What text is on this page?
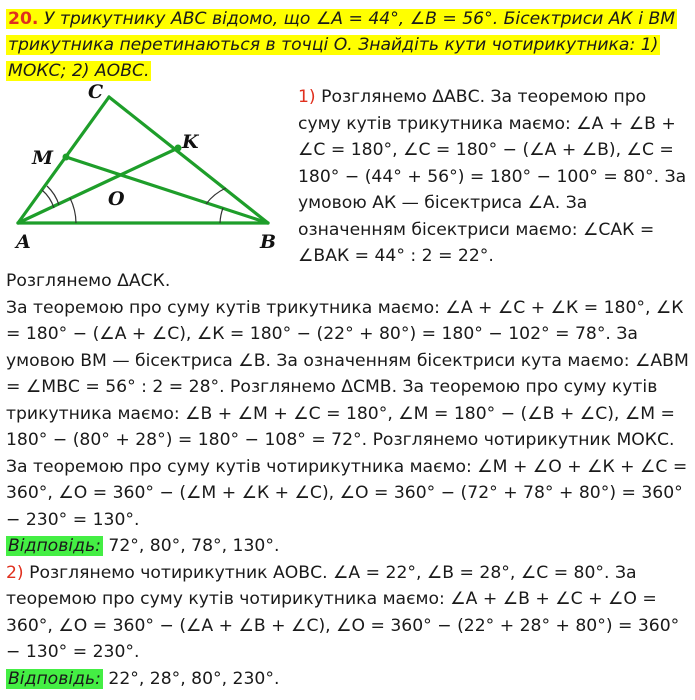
20. У трикутнику АВС відомо, що ∠А = 44°, ∠В = 56°. Бісектриси АК і ВМ трикутника перетинаються в точці О. Знайдіть кути чотирикутника: 1) МОКС; 2) АОВС.
C
M
K
O
A	B
1) Розглянемо ΔАВС. За теоремою про суму кутів трикутника маємо: ∠А + ∠В + ∠С = 180°, ∠С = 180° − (∠А + ∠В), ∠С = 180° − (44° + 56°) = 180° − 100° = 80°. За умовою АК — бісектриса ∠А. За означенням бісектриси маємо: ∠САК = ∠ВАК = 44° : 2 = 22°.

Розглянемо ΔАСК.

За теоремою про суму кутів трикутника маємо: ∠А + ∠С + ∠К = 180°, ∠К = 180° − (∠А + ∠С), ∠К = 180° − (22° + 80°) = 180° − 102° = 78°. За умовою ВМ — бісектриса ∠В. За означенням бісектриси кута маємо: ∠АВМ = ∠МВС = 56° : 2 = 28°. Розглянемо ΔСМВ. За теоремою про суму кутів трикутника маємо: ∠В + ∠М + ∠С = 180°, ∠М = 180° − (∠В + ∠С), ∠М = 180° − (80° + 28°) = 180° − 108° = 72°. Розглянемо чотирикутник МОКС. За теоремою про суму кутів чотирикутника маємо: ∠М + ∠О + ∠К + ∠С = 360°, ∠О = 360° − (∠М + ∠К + ∠С), ∠О = 360° − (72° + 78° + 80°) = 360° − 230° = 130°.

Відповідь: 72°, 80°, 78°, 130°.

2) Розглянемо чотирикутник АОВС. ∠А = 22°, ∠В = 28°, ∠С = 80°. За теоремою про суму кутів чотирикутника маємо: ∠А + ∠В + ∠С + ∠О = 360°, ∠О = 360° − (∠А + ∠В + ∠С), ∠О = 360° − (22° + 28° + 80°) = 360° − 130° = 230°.

Відповідь: 22°, 28°, 80°, 230°.
